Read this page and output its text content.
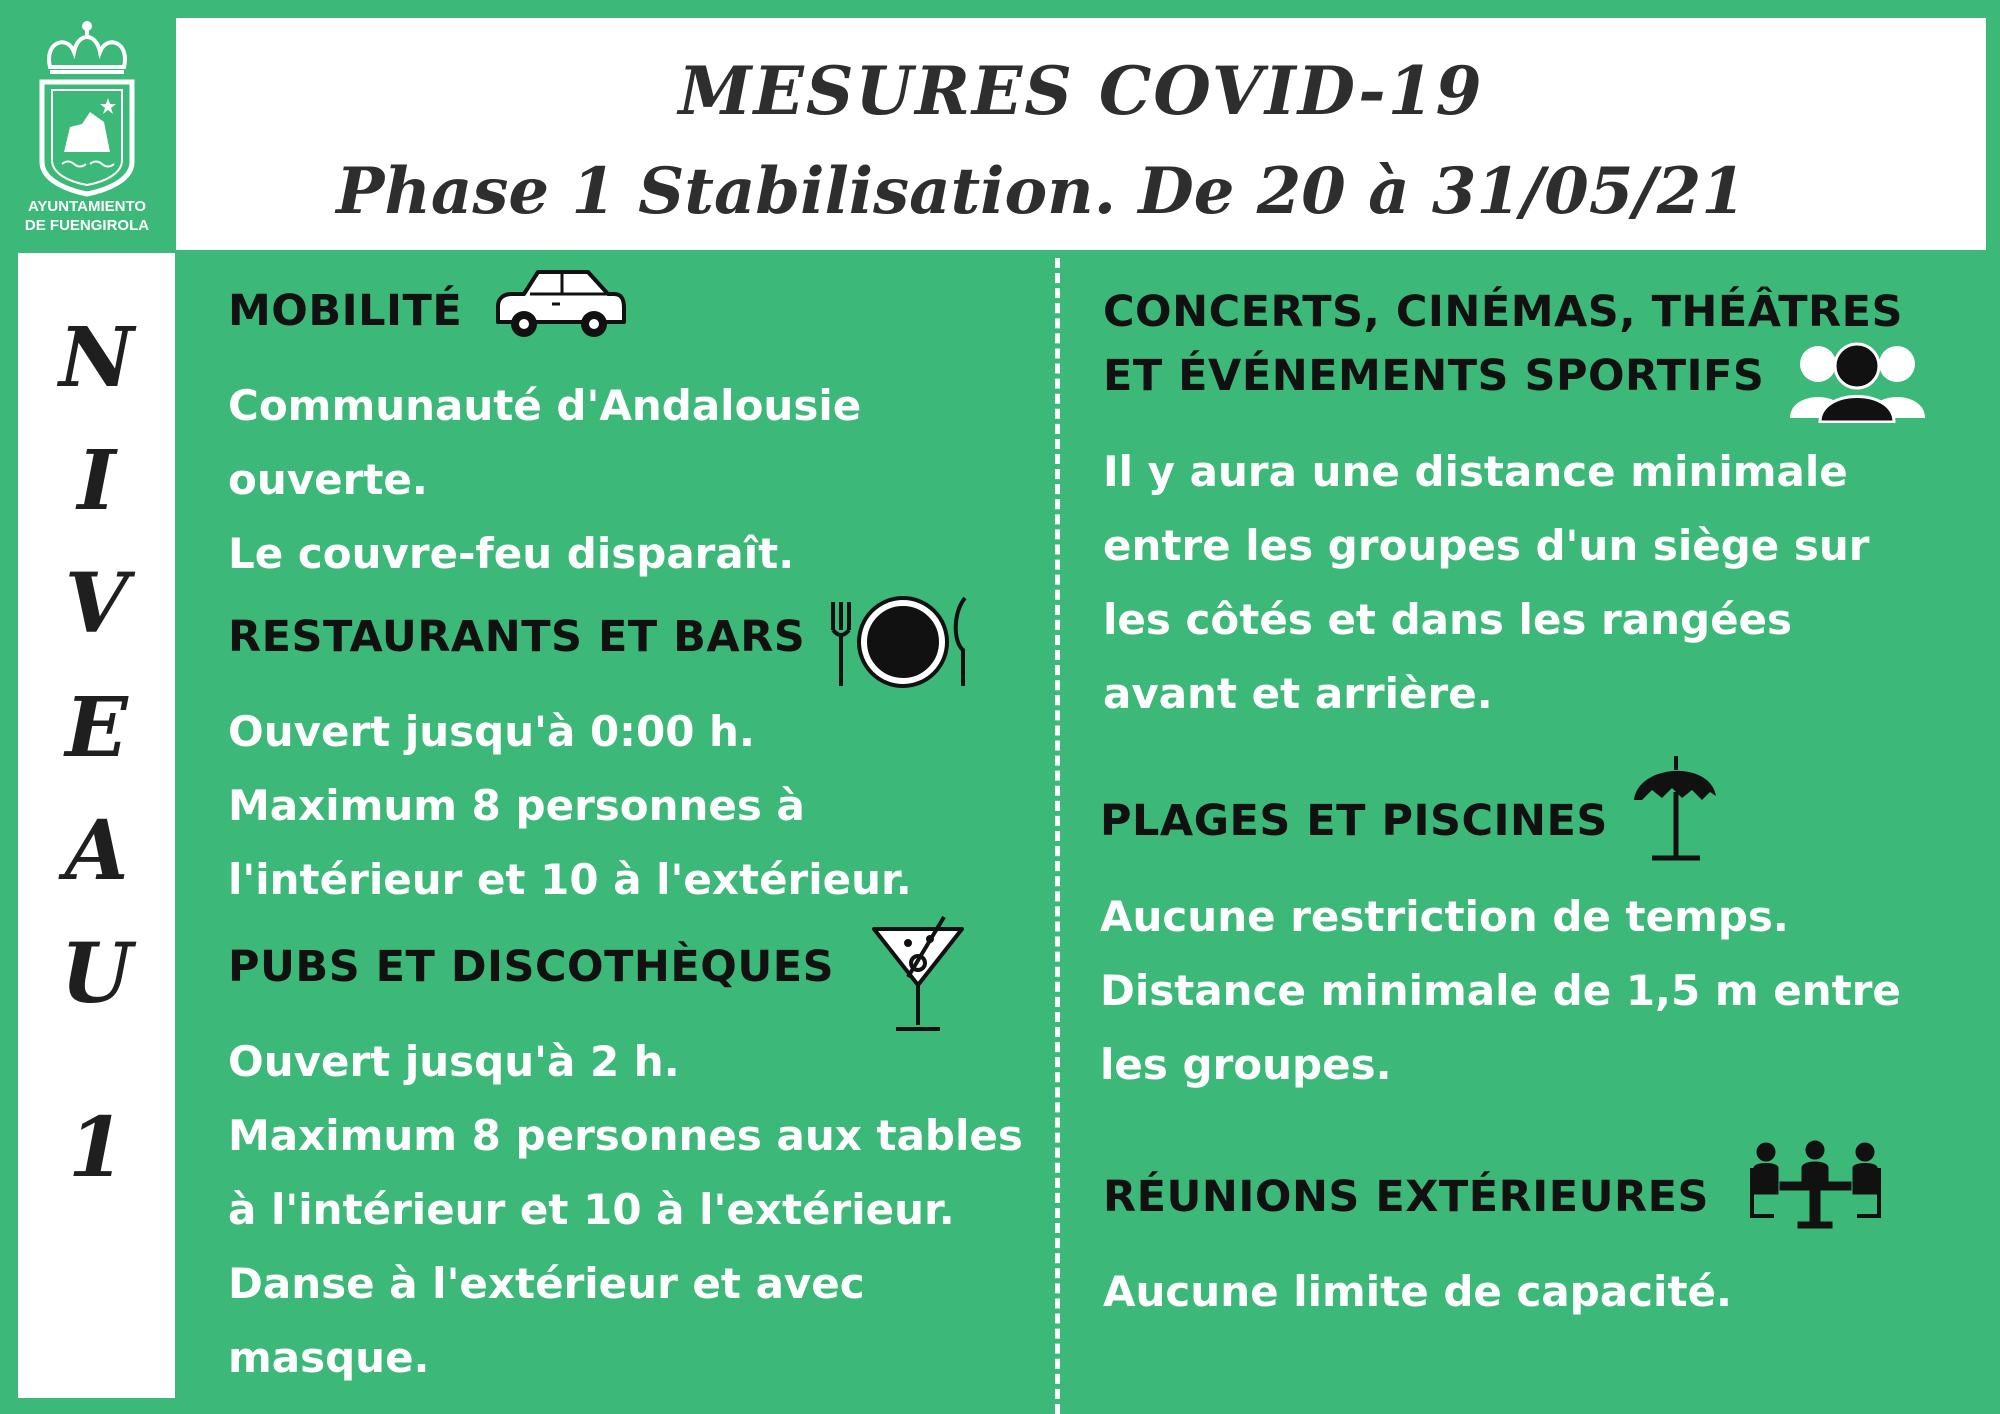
AYUNTAMIENTO
DE FUENGIROLA
MESURES COVID-19
Phase 1 Stabilisation. De 20 à 31/05/21
N
I
V
E
A
U
1
MOBILITÉ
Communauté d'Andalousie
ouverte.
Le couvre-feu disparaît.
RESTAURANTS ET BARS
Ouvert jusqu'à 0:00 h.
Maximum 8 personnes à
l'intérieur et 10 à l'extérieur.
PUBS ET DISCOTHÈQUES
Ouvert jusqu'à 2 h.
Maximum 8 personnes aux tables
à l'intérieur et 10 à l'extérieur.
Danse à l'extérieur et avec
masque.
CONCERTS, CINÉMAS, THÉÂTRES
ET ÉVÉNEMENTS SPORTIFS
Il y aura une distance minimale
entre les groupes d'un siège sur
les côtés et dans les rangées
avant et arrière.
PLAGES ET PISCINES
Aucune restriction de temps.
Distance minimale de 1,5 m entre
les groupes.
RÉUNIONS EXTÉRIEURES
Aucune limite de capacité.
